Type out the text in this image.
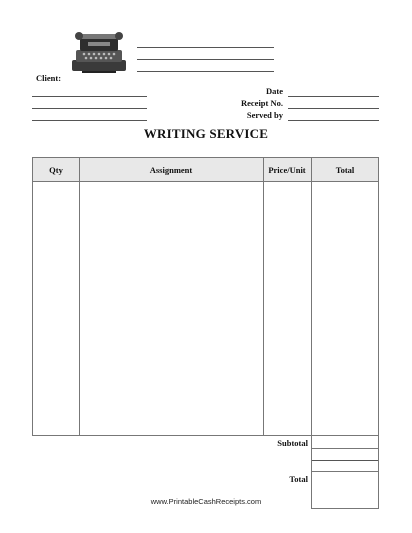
Client:
Date
Receipt No.
Served by
WRITING SERVICE
Qty	Assignment	Price/Unit	Total
Subtotal
Total
www.PrintableCashReceipts.com
